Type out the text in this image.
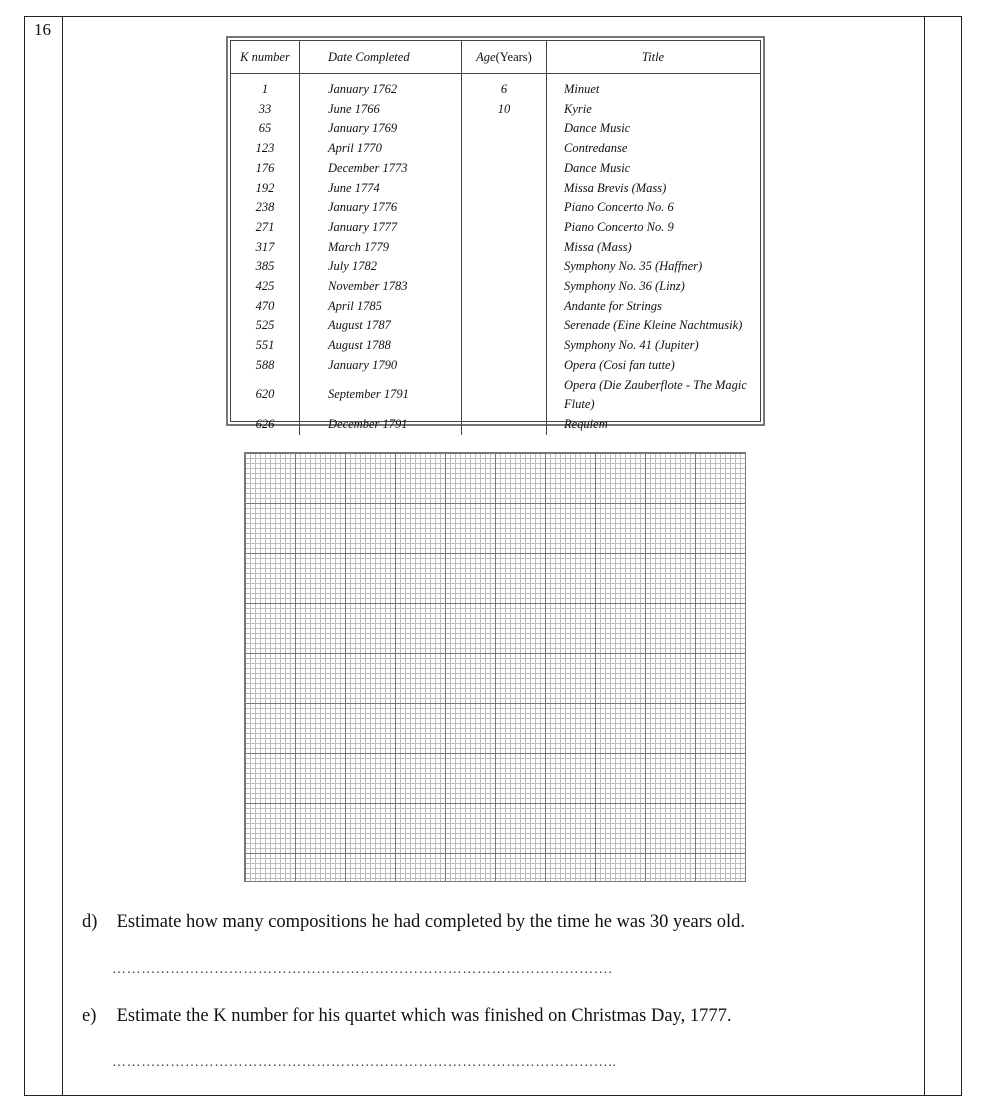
16
K number	Date Completed	Age(Years)	Title
1	January 1762	6	Minuet
33	June 1766	10	Kyrie
65	January 1769		Dance Music
123	April 1770		Contredanse
176	December 1773		Dance Music
192	June 1774		Missa Brevis (Mass)
238	January 1776		Piano Concerto No. 6
271	January 1777		Piano Concerto No. 9
317	March 1779		Missa (Mass)
385	July 1782		Symphony No. 35 (Haffner)
425	November 1783		Symphony No. 36 (Linz)
470	April 1785		Andante for Strings
525	August 1787		Serenade (Eine Kleine Nachtmusik)
551	August 1788		Symphony No. 41 (Jupiter)
588	January 1790		Opera (Cosi fan tutte)
620	September 1791		Opera (Die Zauberflote - The Magic Flute)
626	December 1791		Requiem
d) Estimate how many compositions he had completed by the time he was 30 years old.
………………………………………………………………………………………….
e) Estimate the K number for his quartet which was finished on Christmas Day, 1777.
…………………………………………………………………………………………..
